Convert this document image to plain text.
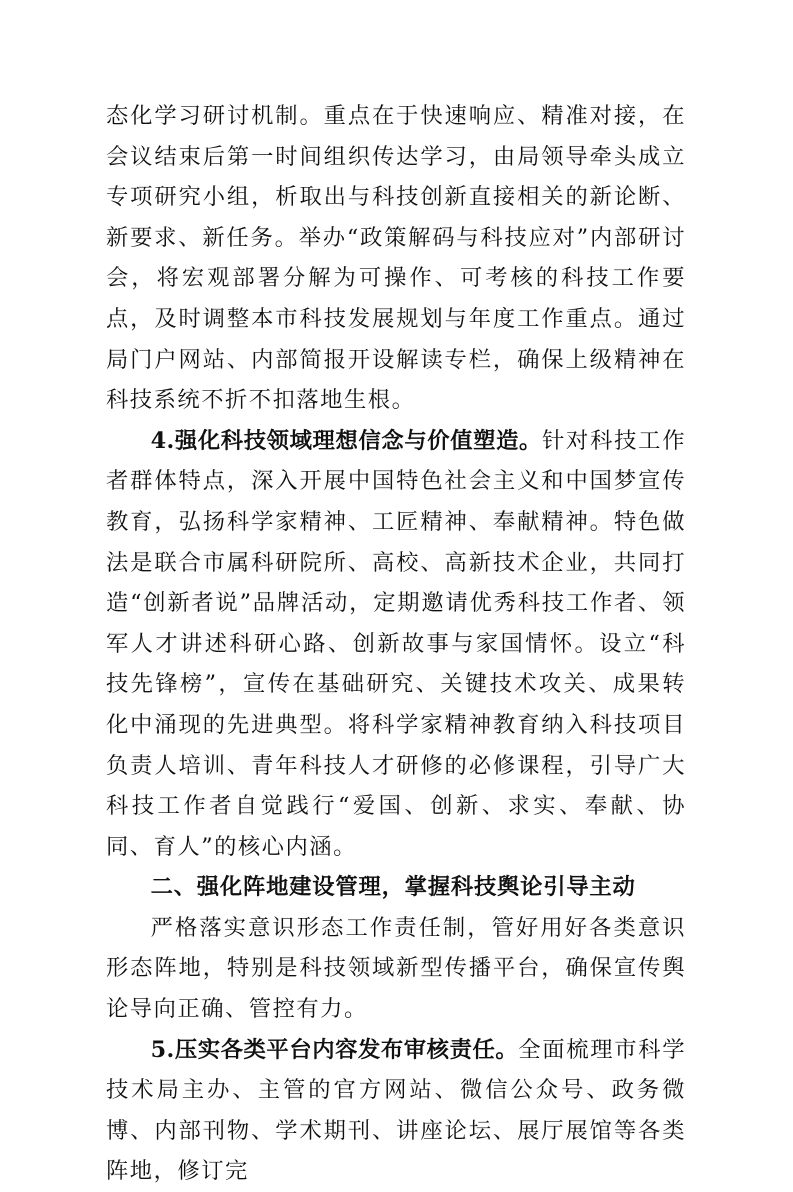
态化学习研讨机制。重点在于快速响应、精准对接，在会议结束后第一时间组织传达学习，由局领导牵头成立专项研究小组，析取出与科技创新直接相关的新论断、新要求、新任务。举办“政策解码与科技应对”内部研讨会，将宏观部署分解为可操作、可考核的科技工作要点，及时调整本市科技发展规划与年度工作重点。通过局门户网站、内部简报开设解读专栏，确保上级精神在科技系统不折不扣落地生根。

4.强化科技领域理想信念与价值塑造。针对科技工作者群体特点，深入开展中国特色社会主义和中国梦宣传教育，弘扬科学家精神、工匠精神、奉献精神。特色做法是联合市属科研院所、高校、高新技术企业，共同打造“创新者说”品牌活动，定期邀请优秀科技工作者、领军人才讲述科研心路、创新故事与家国情怀。设立“科技先锋榜”，宣传在基础研究、关键技术攻关、成果转化中涌现的先进典型。将科学家精神教育纳入科技项目负责人培训、青年科技人才研修的必修课程，引导广大科技工作者自觉践行“爱国、创新、求实、奉献、协同、育人”的核心内涵。

二、强化阵地建设管理，掌握科技舆论引导主动

严格落实意识形态工作责任制，管好用好各类意识形态阵地，特别是科技领域新型传播平台，确保宣传舆论导向正确、管控有力。

5.压实各类平台内容发布审核责任。全面梳理市科学技术局主办、主管的官方网站、微信公众号、政务微博、内部刊物、学术期刊、讲座论坛、展厅展馆等各类阵地，修订完
